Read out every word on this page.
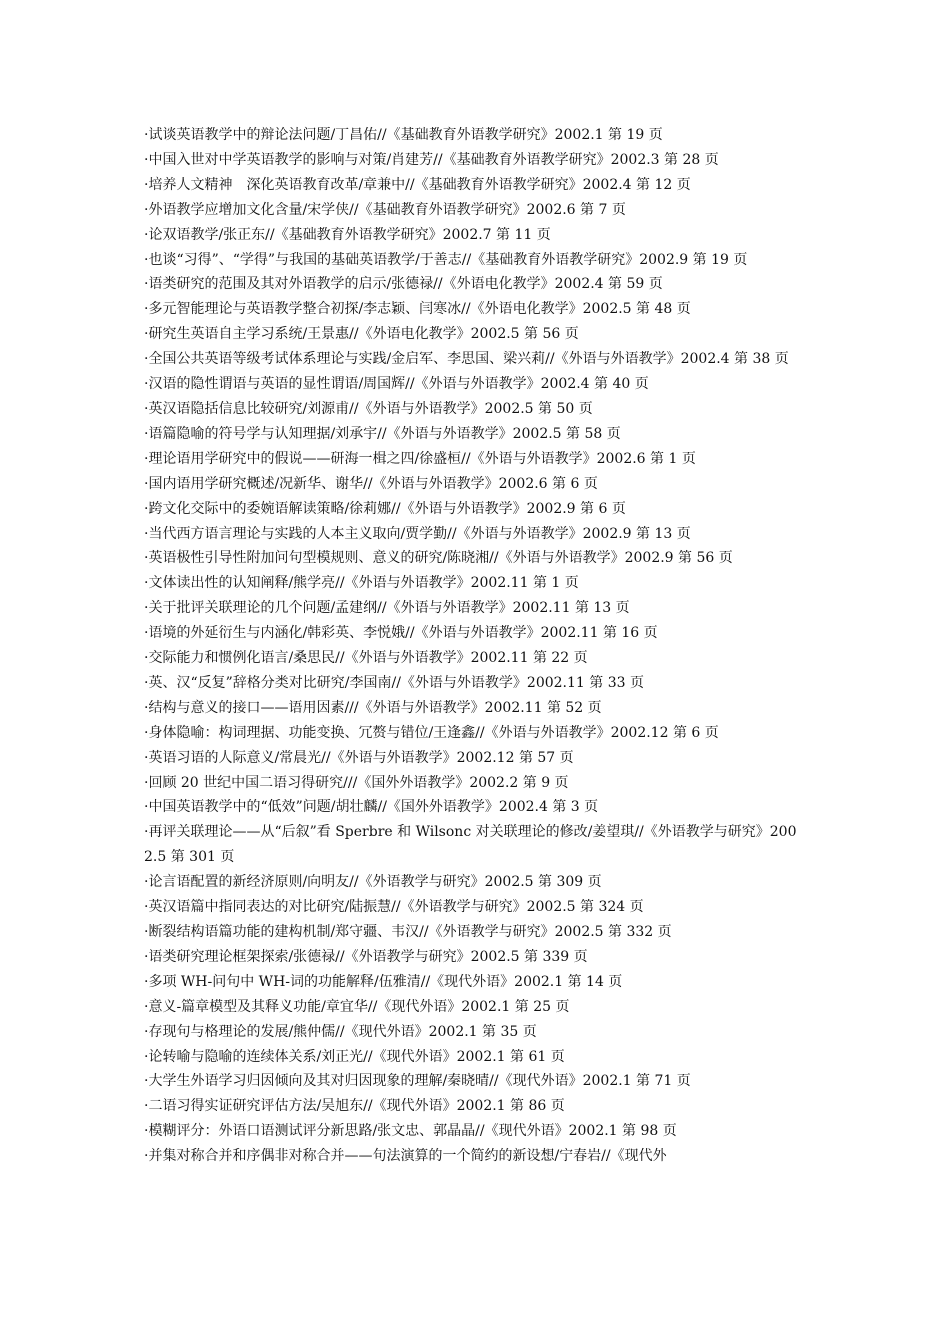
·试谈英语教学中的辩论法问题/丁昌佑//《基础教育外语教学研究》2002.1 第 19 页
·中国入世对中学英语教学的影响与对策/肖建芳//《基础教育外语教学研究》2002.3 第 28 页
·培养人文精神　深化英语教育改革/章兼中//《基础教育外语教学研究》2002.4 第 12 页
·外语教学应增加文化含量/宋学侠//《基础教育外语教学研究》2002.6 第 7 页
·论双语教学/张正东//《基础教育外语教学研究》2002.7 第 11 页
·也谈“习得”、“学得”与我国的基础英语教学/于善志//《基础教育外语教学研究》2002.9 第 19 页
·语类研究的范围及其对外语教学的启示/张德禄//《外语电化教学》2002.4 第 59 页
·多元智能理论与英语教学整合初探/李志颖、闫寒冰//《外语电化教学》2002.5 第 48 页
·研究生英语自主学习系统/王景惠//《外语电化教学》2002.5 第 56 页
·全国公共英语等级考试体系理论与实践/金启军、李思国、梁兴莉//《外语与外语教学》2002.4 第 38 页
·汉语的隐性谓语与英语的显性谓语/周国辉//《外语与外语教学》2002.4 第 40 页
·英汉语隐括信息比较研究/刘源甫//《外语与外语教学》2002.5 第 50 页
·语篇隐喻的符号学与认知理据/刘承宇//《外语与外语教学》2002.5 第 58 页
·理论语用学研究中的假说——研海一楫之四/徐盛桓//《外语与外语教学》2002.6 第 1 页
·国内语用学研究概述/况新华、谢华//《外语与外语教学》2002.6 第 6 页
·跨文化交际中的委婉语解读策略/徐莉娜//《外语与外语教学》2002.9 第 6 页
·当代西方语言理论与实践的人本主义取向/贾学勤//《外语与外语教学》2002.9 第 13 页
·英语极性引导性附加问句型模规则、意义的研究/陈晓湘//《外语与外语教学》2002.9 第 56 页
·文体读出性的认知阐释/熊学亮//《外语与外语教学》2002.11 第 1 页
·关于批评关联理论的几个问题/孟建纲//《外语与外语教学》2002.11 第 13 页
·语境的外延衍生与内涵化/韩彩英、李悦娥//《外语与外语教学》2002.11 第 16 页
·交际能力和惯例化语言/桑思民//《外语与外语教学》2002.11 第 22 页
·英、汉“反复”辞格分类对比研究/李国南//《外语与外语教学》2002.11 第 33 页
·结构与意义的接口——语用因素///《外语与外语教学》2002.11 第 52 页
·身体隐喻：构词理据、功能变换、冗赘与错位/王逢鑫//《外语与外语教学》2002.12 第 6 页
·英语习语的人际意义/常晨光//《外语与外语教学》2002.12 第 57 页
·回顾 20 世纪中国二语习得研究///《国外外语教学》2002.2 第 9 页
·中国英语教学中的“低效”问题/胡壮麟//《国外外语教学》2002.4 第 3 页
·再评关联理论——从“后叙”看 Sperbre 和 Wilsonc 对关联理论的修改/姜望琪//《外语教学与研究》2002.5 第 301 页
·论言语配置的新经济原则/向明友//《外语教学与研究》2002.5 第 309 页
·英汉语篇中指同表达的对比研究/陆振慧//《外语教学与研究》2002.5 第 324 页
·断裂结构语篇功能的建构机制/郑守疆、韦汉//《外语教学与研究》2002.5 第 332 页
·语类研究理论框架探索/张德禄//《外语教学与研究》2002.5 第 339 页
·多项 WH-问句中 WH-词的功能解释/伍雅清//《现代外语》2002.1 第 14 页
·意义-篇章模型及其释义功能/章宜华//《现代外语》2002.1 第 25 页
·存现句与格理论的发展/熊仲儒//《现代外语》2002.1 第 35 页
·论转喻与隐喻的连续体关系/刘正光//《现代外语》2002.1 第 61 页
·大学生外语学习归因倾向及其对归因现象的理解/秦晓晴//《现代外语》2002.1 第 71 页
·二语习得实证研究评估方法/吴旭东//《现代外语》2002.1 第 86 页
·模糊评分：外语口语测试评分新思路/张文忠、郭晶晶//《现代外语》2002.1 第 98 页
·并集对称合并和序偶非对称合并——句法演算的一个简约的新设想/宁春岩//《现代外
